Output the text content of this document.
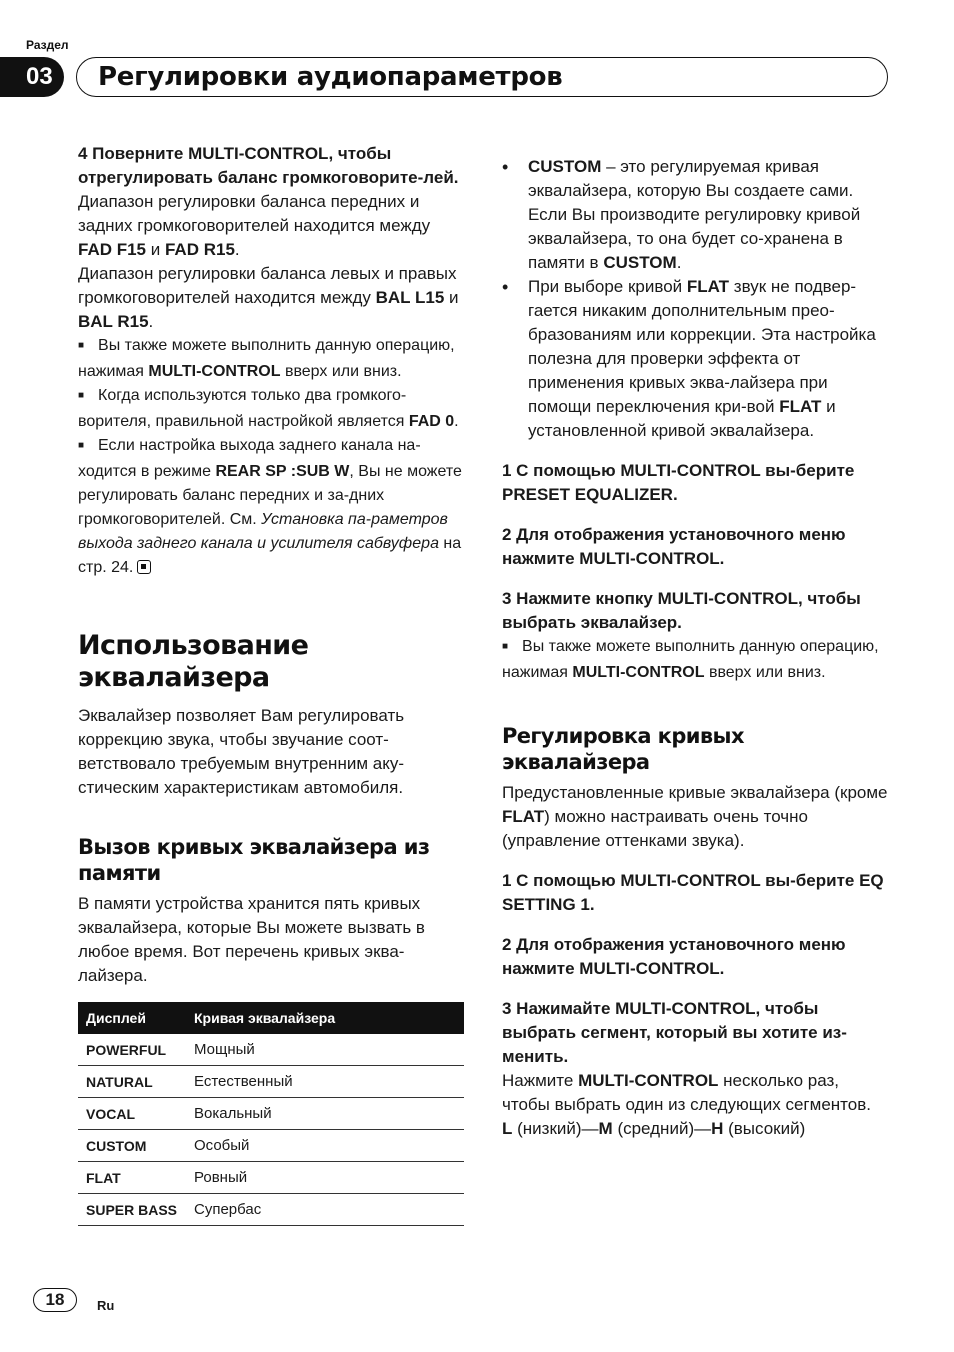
Раздел
03	Регулировки аудиопараметров

4 Поверните MULTI-CONTROL, чтобы отрегулировать баланс громкоговорите-лей.

Диапазон регулировки баланса передних и задних громкоговорителей находится между FAD F15 и FAD R15.

Диапазон регулировки баланса левых и правых громкоговорителей находится между BAL L15 и BAL R15.

■ Вы также можете выполнить данную операцию, нажимая MULTI-CONTROL вверх или вниз.

■ Когда используются только два громкого-ворителя, правильной настройкой является FAD 0.

■ Если настройка выхода заднего канала на-ходится в режиме REAR SP :SUB W, Вы не можете регулировать баланс передних и за-дних громкоговорителей. См. Установка па-раметров выхода заднего канала и усилителя сабвуфера на стр. 24.

Использование эквалайзера

Эквалайзер позволяет Вам регулировать коррекцию звука, чтобы звучание соот-ветствовало требуемым внутренним аку-стическим характеристикам автомобиля.

Вызов кривых эквалайзера из памяти

В памяти устройства хранится пять кривых эквалайзера, которые Вы можете вызвать в любое время. Вот перечень кривых эква-лайзера.

Дисплей	Кривая эквалайзера
POWERFUL	Мощный
NATURAL	Естественный
VOCAL	Вокальный
CUSTOM	Особый
FLAT	Ровный
SUPER BASS	Супербас
• CUSTOM – это регулируемая кривая эквалайзера, которую Вы создаете сами. Если Вы производите регулировку кривой эквалайзера, то она будет со-хранена в памяти в CUSTOM.
• При выборе кривой FLAT звук не подвер-гается никаким дополнительным прео-бразованиям или коррекции. Эта настройка полезна для проверки эффекта от применения кривых эква-лайзера при помощи переключения кри-вой FLAT и установленной кривой эквалайзера.

1 С помощью MULTI-CONTROL вы-берите PRESET EQUALIZER.

2 Для отображения установочного меню нажмите MULTI-CONTROL.

3 Нажмите кнопку MULTI-CONTROL, чтобы выбрать эквалайзер.

■ Вы также можете выполнить данную операцию, нажимая MULTI-CONTROL вверх или вниз.

Регулировка кривых эквалайзера

Предустановленные кривые эквалайзера (кроме FLAT) можно настраивать очень точно (управление оттенками звука).

1 С помощью MULTI-CONTROL вы-берите EQ SETTING 1.

2 Для отображения установочного меню нажмите MULTI-CONTROL.

3 Нажимайте MULTI-CONTROL, чтобы выбрать сегмент, который вы хотите из-менить.

Нажмите MULTI-CONTROL несколько раз, чтобы выбрать один из следующих сегментов.

L (низкий)—M (средний)—H (высокий)

18	Ru
